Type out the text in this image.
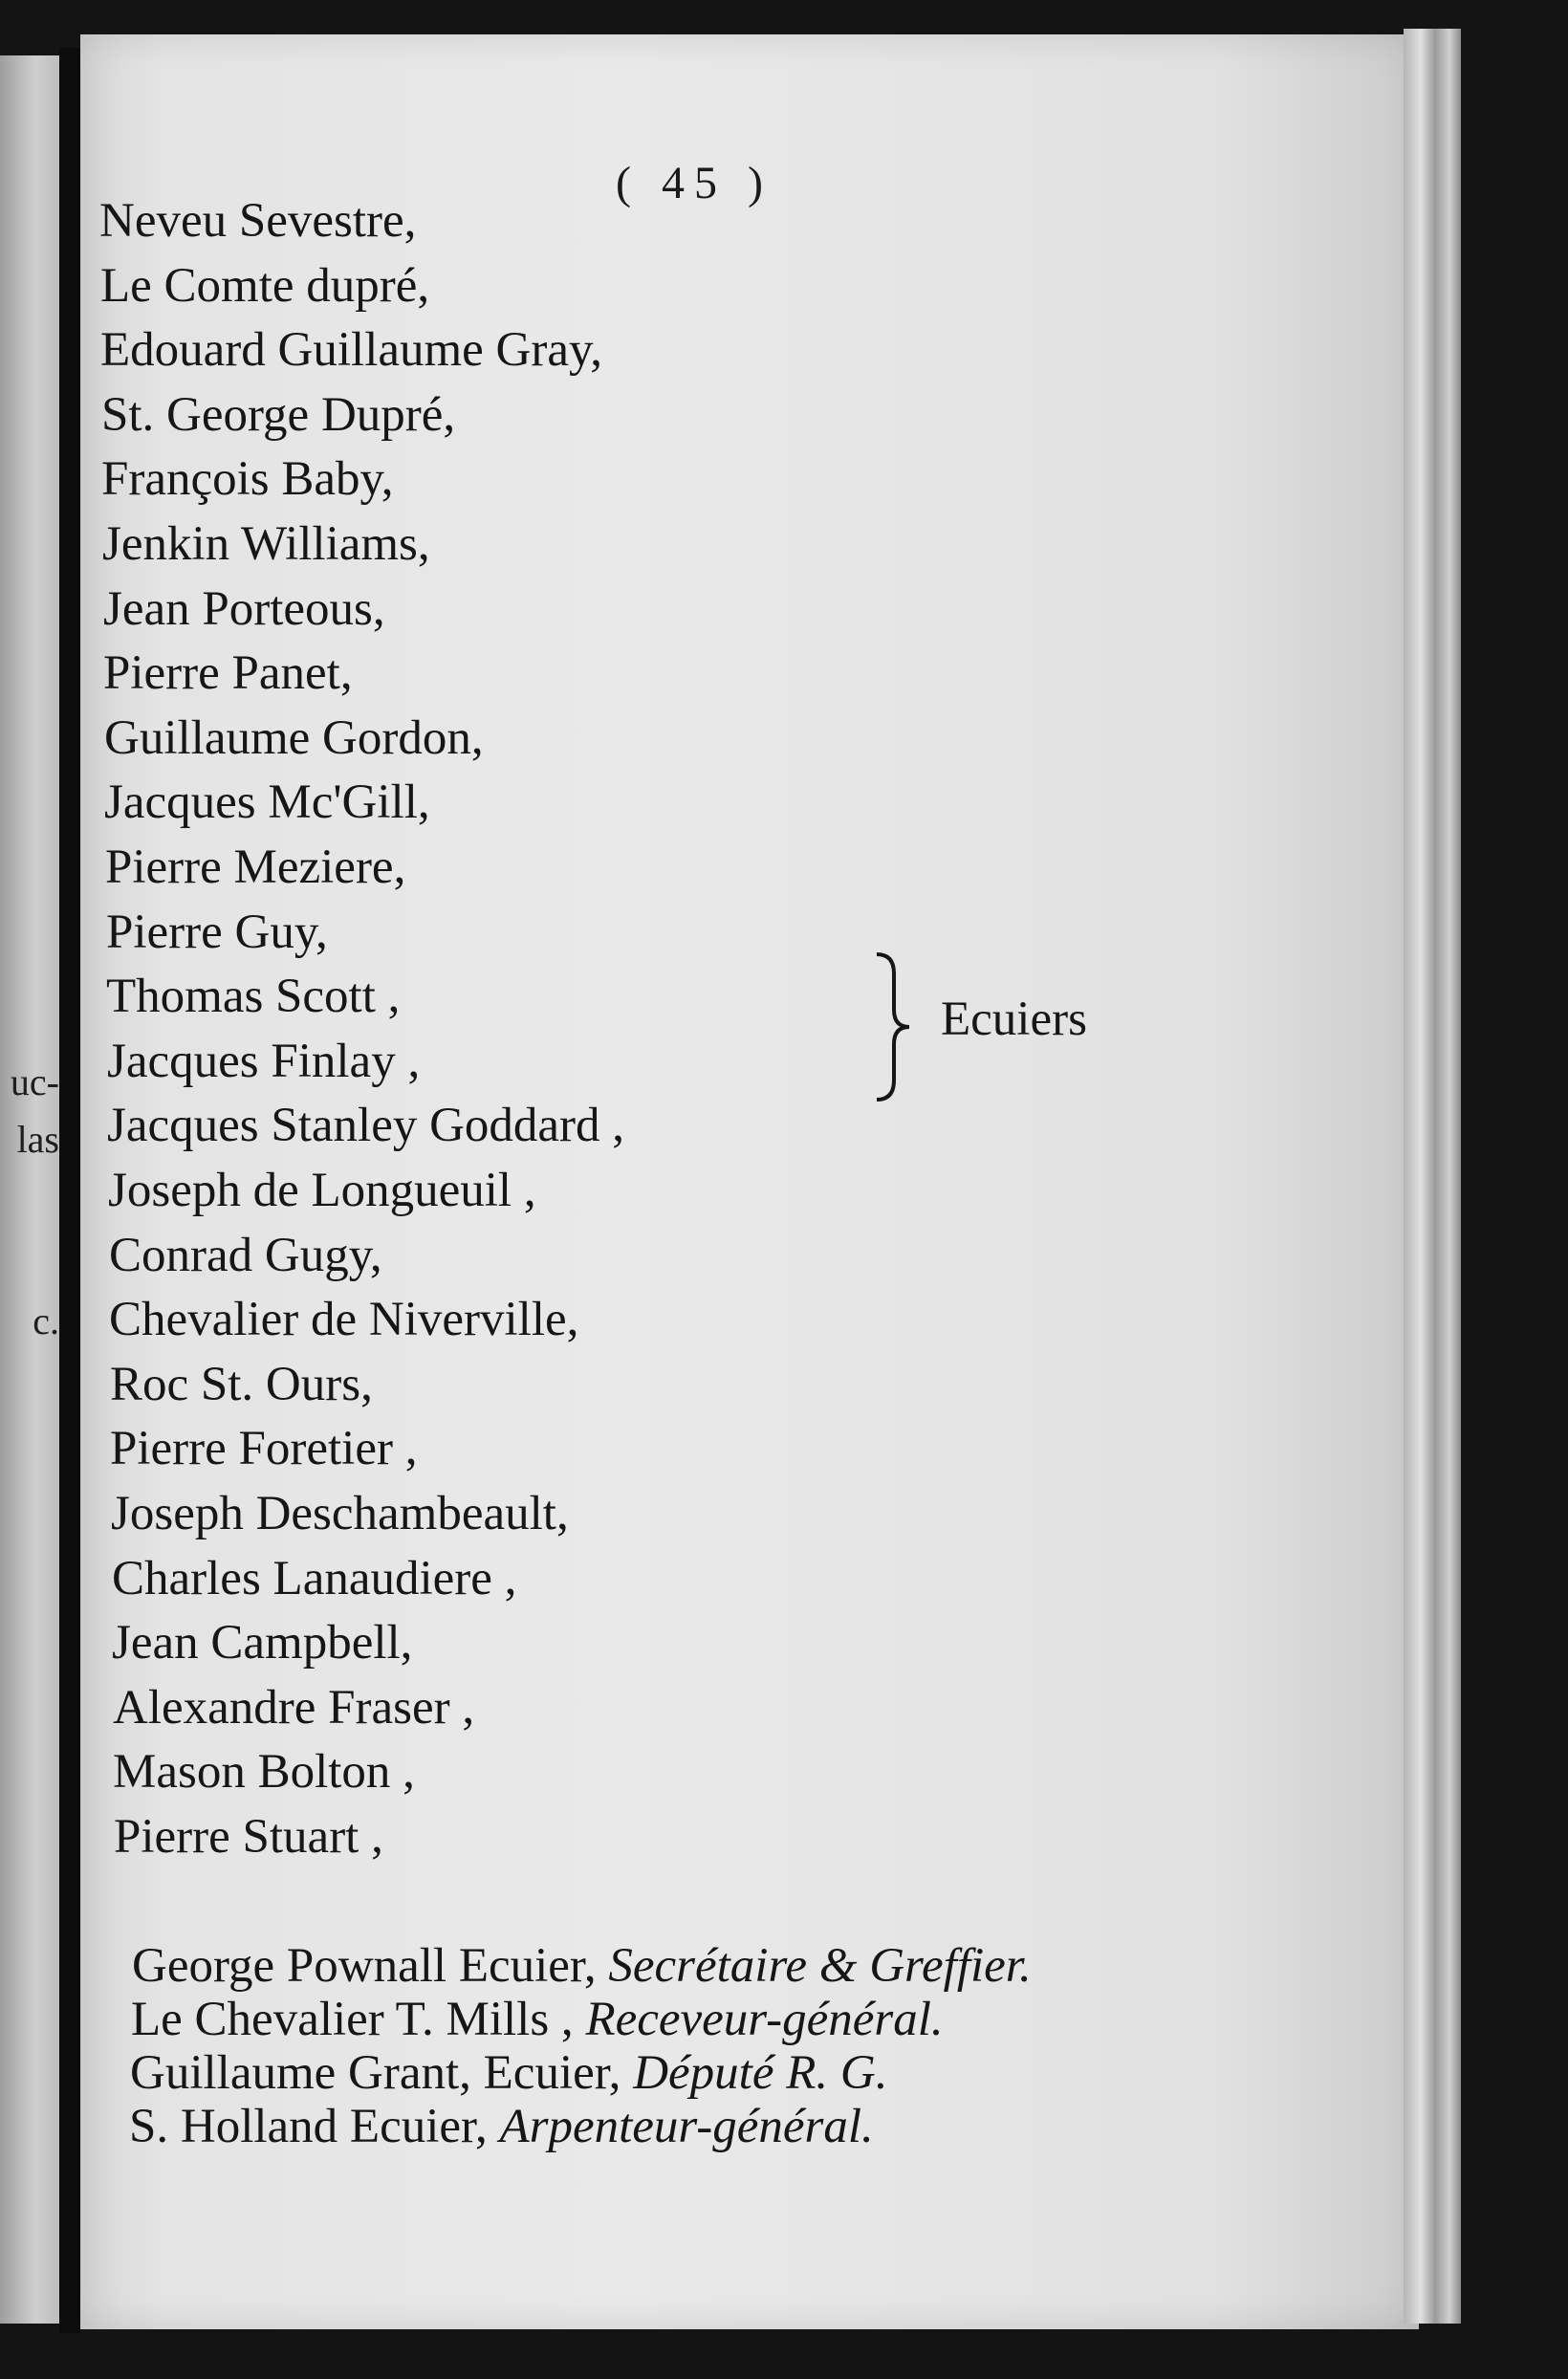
uc-
las
c.
( 45 )
Neveu Sevestre,
Le Comte dupré,
Edouard Guillaume Gray,
St. George Dupré,
François Baby,
Jenkin Williams,
Jean Porteous,
Pierre Panet,
Guillaume Gordon,
Jacques Mc'Gill,
Pierre Meziere,
Pierre Guy,
Thomas Scott ,
Jacques Finlay ,
Jacques Stanley Goddard ,
Joseph de Longueuil ,
Conrad Gugy,
Chevalier de Niverville,
Roc St. Ours,
Pierre Foretier ,
Joseph Deschambeault,
Charles Lanaudiere ,
Jean Campbell,
Alexandre Fraser ,
Mason Bolton ,
Pierre Stuart ,
Ecuiers
George Pownall Ecuier, Secrétaire & Greffier.
Le Chevalier T. Mills , Receveur-général.
Guillaume Grant, Ecuier, Député R. G.
S. Holland Ecuier, Arpenteur-général.
